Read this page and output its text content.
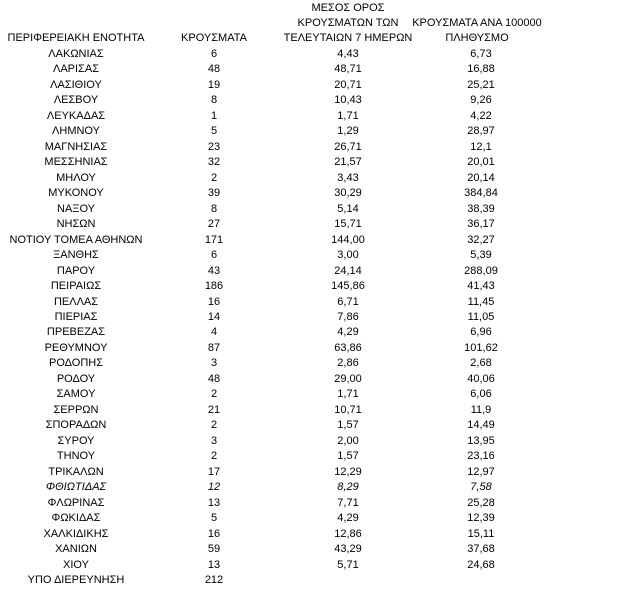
ΠΕΡΙΦΕΡΕΙΑΚΗ ΕΝΟΤΗΤΑ	ΚΡΟΥΣΜΑΤΑ
ΜΕΣΟΣ ΟΡΟΣ
ΚΡΟΥΣΜΑΤΩΝ ΤΩΝ
ΤΕΛΕΥΤΑΙΩΝ 7 ΗΜΕΡΩΝ
ΚΡΟΥΣΜΑΤΑ ΑΝΑ 100000
ΠΛΗΘΥΣΜΟ
ΛΑΚΩΝΙΑΣ	6	4,43	6,73
ΛΑΡΙΣΑΣ	48	48,71	16,88
ΛΑΣΙΘΙΟΥ	19	20,71	25,21
ΛΕΣΒΟΥ	8	10,43	9,26
ΛΕΥΚΑΔΑΣ	1	1,71	4,22
ΛΗΜΝΟΥ	5	1,29	28,97
ΜΑΓΝΗΣΙΑΣ	23	26,71	12,1
ΜΕΣΣΗΝΙΑΣ	32	21,57	20,01
ΜΗΛΟΥ	2	3,43	20,14
ΜΥΚΟΝΟΥ	39	30,29	384,84
ΝΑΞΟΥ	8	5,14	38,39
ΝΗΣΩΝ	27	15,71	36,17
ΝΟΤΙΟΥ ΤΟΜΕΑ ΑΘΗΝΩΝ	171	144,00	32,27
ΞΑΝΘΗΣ	6	3,00	5,39
ΠΑΡΟΥ	43	24,14	288,09
ΠΕΙΡΑΙΩΣ	186	145,86	41,43
ΠΕΛΛΑΣ	16	6,71	11,45
ΠΙΕΡΙΑΣ	14	7,86	11,05
ΠΡΕΒΕΖΑΣ	4	4,29	6,96
ΡΕΘΥΜΝΟΥ	87	63,86	101,62
ΡΟΔΟΠΗΣ	3	2,86	2,68
ΡΟΔΟΥ	48	29,00	40,06
ΣΑΜΟΥ	2	1,71	6,06
ΣΕΡΡΩΝ	21	10,71	11,9
ΣΠΟΡΑΔΩΝ	2	1,57	14,49
ΣΥΡΟΥ	3	2,00	13,95
ΤΗΝΟΥ	2	1,57	23,16
ΤΡΙΚΑΛΩΝ	17	12,29	12,97
ΦΘΙΩΤΙΔΑΣ	12	8,29	7,58
ΦΛΩΡΙΝΑΣ	13	7,71	25,28
ΦΩΚΙΔΑΣ	5	4,29	12,39
ΧΑΛΚΙΔΙΚΗΣ	16	12,86	15,11
ΧΑΝΙΩΝ	59	43,29	37,68
ΧΙΟΥ	13	5,71	24,68
ΥΠΟ ΔΙΕΡΕΥΝΗΣΗ	212
